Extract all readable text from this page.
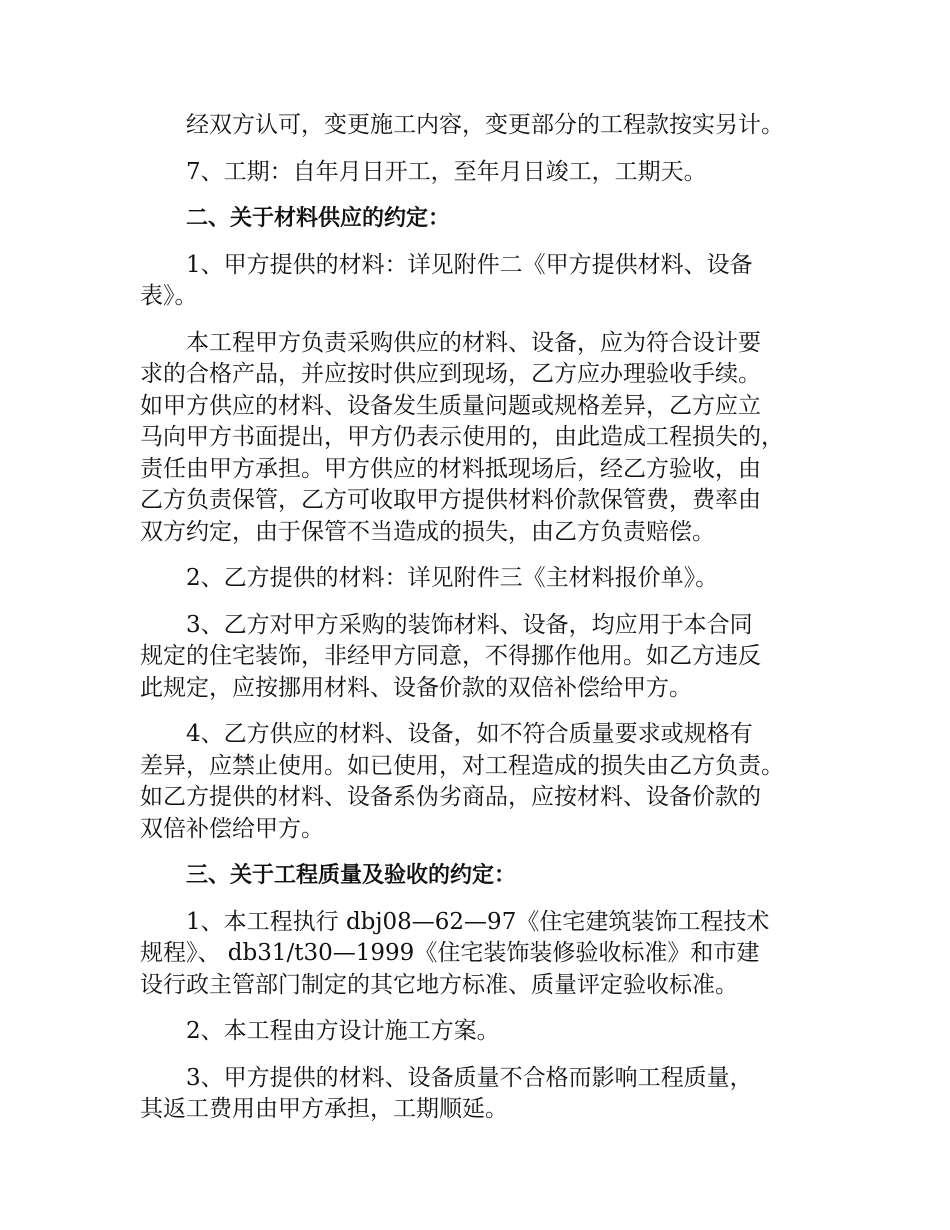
经双方认可，变更施工内容，变更部分的工程款按实另计。

7、工期：自年月日开工，至年月日竣工，工期天。

二、关于材料供应的约定：

1、甲方提供的材料：详见附件二《甲方提供材料、设备
表》。

本工程甲方负责采购供应的材料、设备，应为符合设计要
求的合格产品，并应按时供应到现场，乙方应办理验收手续。
如甲方供应的材料、设备发生质量问题或规格差异，乙方应立
马向甲方书面提出，甲方仍表示使用的，由此造成工程损失的，
责任由甲方承担。甲方供应的材料抵现场后，经乙方验收，由
乙方负责保管，乙方可收取甲方提供材料价款保管费，费率由
双方约定，由于保管不当造成的损失，由乙方负责赔偿。

2、乙方提供的材料：详见附件三《主材料报价单》。

3、乙方对甲方采购的装饰材料、设备，均应用于本合同
规定的住宅装饰，非经甲方同意，不得挪作他用。如乙方违反
此规定，应按挪用材料、设备价款的双倍补偿给甲方。

4、乙方供应的材料、设备，如不符合质量要求或规格有
差异，应禁止使用。如已使用，对工程造成的损失由乙方负责。
如乙方提供的材料、设备系伪劣商品，应按材料、设备价款的
双倍补偿给甲方。

三、关于工程质量及验收的约定：

1、本工程执行 dbj08—62—97《住宅建筑装饰工程技术
规程》、 db31/t30—1999《住宅装饰装修验收标准》和市建
设行政主管部门制定的其它地方标准、质量评定验收标准。

2、本工程由方设计施工方案。

3、甲方提供的材料、设备质量不合格而影响工程质量，
其返工费用由甲方承担，工期顺延。
